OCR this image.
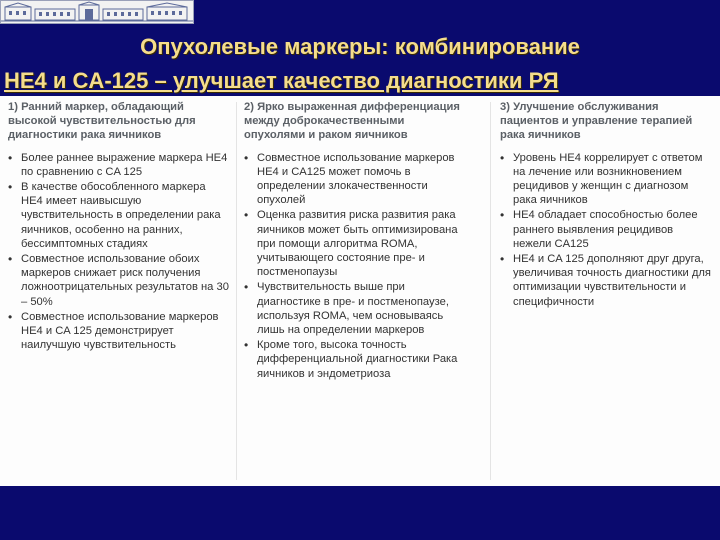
Опухолевые маркеры: комбинирование
HE4 и CA-125 – улучшает качество диагностики РЯ
1) Ранний маркер, обладающий высокой чувствительностью для диагностики рака яичников
• Более раннее выражение маркера HE4 по сравнению с CA 125
• В качестве обособленного маркера HE4 имеет наивысшую чувствительность в определении рака яичников, особенно на ранних, бессимптомных стадиях
• Совместное использование обоих маркеров снижает риск получения ложноотрицательных результатов на 30 – 50%
• Совместное использование маркеров HE4 и CA 125 демонстрирует наилучшую чувствительность
2) Ярко выраженная дифференциация между доброкачественными опухолями и раком яичников
• Совместное использование маркеров HE4 и CA125 может помочь в определении злокачественности опухолей
• Оценка развития риска развития рака яичников может быть оптимизирована при помощи алгоритма ROMA, учитывающего состояние пре- и постменопаузы
• Чувствительность выше при диагностике в пре- и постменопаузе, используя ROMA, чем основываясь лишь на определении маркеров
• Кроме того, высока точность дифференциальной диагностики Рака яичников и эндометриоза
3) Улучшение обслуживания пациентов и управление терапией рака яичников
• Уровень HE4 коррелирует с ответом на лечение или возникновением рецидивов у женщин с диагнозом рака яичников
• HE4 обладает способностью более раннего выявления рецидивов нежели CA125
• HE4 и CA 125 дополняют друг друга, увеличивая точность диагностики для оптимизации чувствительности и специфичности
